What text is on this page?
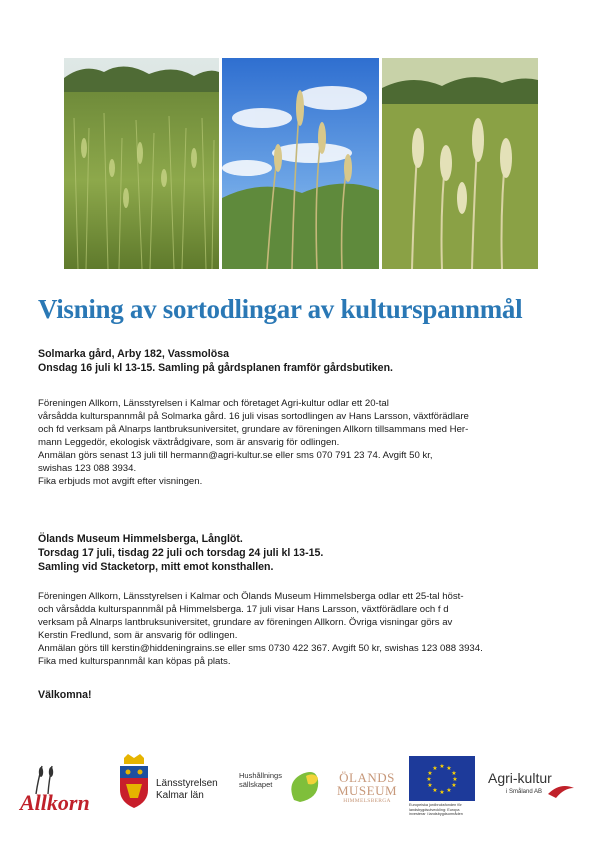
Visning av sortodlingar av kulturspannmål
Solmarka gård, Arby 182, Vassmolösa
Onsdag 16 juli kl 13-15. Samling på gårdsplanen framför gårdsbutiken.
Föreningen Allkorn, Länsstyrelsen i Kalmar och företaget Agri-kultur odlar ett 20-tal
vårsådda kulturspannmål på Solmarka gård. 16 juli visas sortodlingen av Hans Larsson, växtförädlare
och fd verksam på Alnarps lantbruksuniversitet, grundare av föreningen Allkorn tillsammans med Her-
mann Leggedör, ekologisk växtrådgivare, som är ansvarig för odlingen.
Anmälan görs senast 13 juli till hermann@agri-kultur.se eller sms 070 791 23 74. Avgift 50 kr,
swishas 123 088 3934.
Fika erbjuds mot avgift efter visningen.
Ölands Museum Himmelsberga, Långlöt.
Torsdag 17 juli, tisdag 22 juli och torsdag 24 juli kl 13-15.
Samling vid Stacketorp, mitt emot konsthallen.
Föreningen Allkorn, Länsstyrelsen i Kalmar och Ölands Museum Himmelsberga odlar ett 25-tal höst-
och vårsådda kulturspannmål på Himmelsberga. 17 juli visar Hans Larsson, växtförädlare och f d
verksam på Alnarps lantbruksuniversitet, grundare av föreningen Allkorn. Övriga visningar görs av
Kerstin Fredlund, som är ansvarig för odlingen.
Anmälan görs till kerstin@hiddeningrains.se eller sms 0730 422 367. Avgift 50 kr, swishas 123 088 3934.
Fika med kulturspannmål kan köpas på plats.
Välkomna!
Allkorn
Länsstyrelsen
Kalmar län
Hushållnings
sällskapet	ÖLANDS
MUSEUM
HIMMELSBERGA
★ ★
★
★
★
★
★
★
★
★
★
★
Europeiska jordbruksfonden för
landsbygdsutveckling: Europa
investerar i landsbygdsområden
Agri-kultur
i Småland AB
